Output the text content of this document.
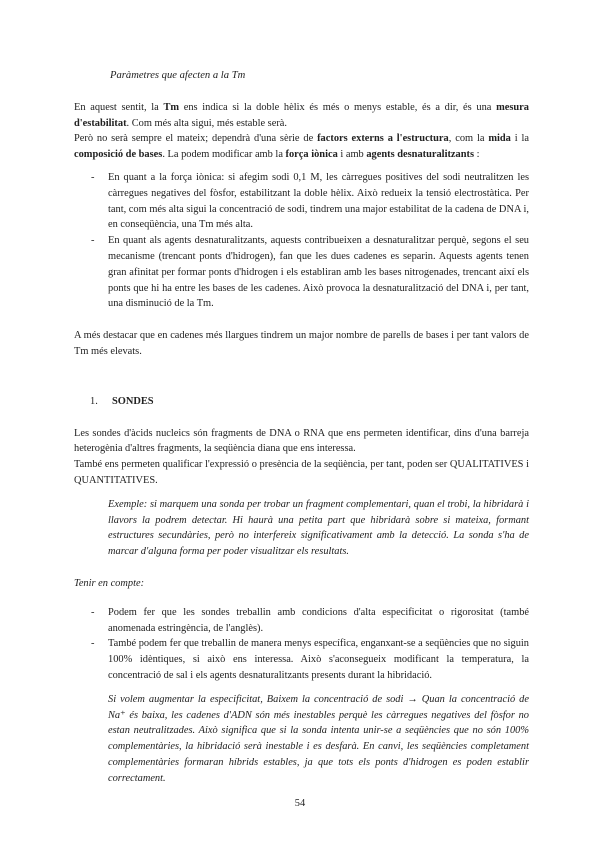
Paràmetres que afecten a la Tm

En aquest sentit, la Tm ens indica si la doble hèlix és més o menys estable, és a dir, és una mesura d'estabilitat. Com més alta sigui, més estable serà.

Però no serà sempre el mateix; dependrà d'una sèrie de factors externs a l'estructura, com la mida i la composició de bases. La podem modificar amb la força iònica i amb agents desnaturalitzants :

- En quant a la força iònica: si afegim sodi 0,1 M, les càrregues positives del sodi neutralitzen les càrregues negatives del fòsfor, estabilitzant la doble hèlix. Això redueix la tensió electrostàtica. Per tant, com més alta sigui la concentració de sodi, tindrem una major estabilitat de la cadena de DNA i, en conseqüència, una Tm més alta.
- En quant als agents desnaturalitzants, aquests contribueixen a desnaturalitzar perquè, segons el seu mecanisme (trencant ponts d'hidrogen), fan que les dues cadenes es separin. Aquests agents tenen gran afinitat per formar ponts d'hidrogen i els establiran amb les bases nitrogenades, trencant així els ponts que hi ha entre les bases de les cadenes. Això provoca la desnaturalització del DNA i, per tant, una disminució de la Tm.

A més destacar que en cadenes més llargues tindrem un major nombre de parells de bases i per tant valors de Tm més elevats.

1.	SONDES

Les sondes d'àcids nucleics són fragments de DNA o RNA que ens permeten identificar, dins d'una barreja heterogènia d'altres fragments, la seqüència diana que ens interessa.

També ens permeten qualificar l'expressió o presència de la seqüència, per tant, poden ser QUALITATIVES i QUANTITATIVES.

Exemple: si marquem una sonda per trobar un fragment complementari, quan el trobi, la hibridarà i llavors la podrem detectar. Hi haurà una petita part que hibridarà sobre si mateixa, formant estructures secundàries, però no interfereix significativament amb la detecció. La sonda s'ha de marcar d'alguna forma per poder visualitzar els resultats.

Tenir en compte:

- Podem fer que les sondes treballin amb condicions d'alta especificitat o rigorositat (també anomenada estringència, de l'anglès).
- També podem fer que treballin de manera menys específica, enganxant-se a seqüències que no siguin 100% idèntiques, si això ens interessa. Això s'aconsegueix modificant la temperatura, la concentració de sal i els agents desnaturalitzants presents durant la hibridació.

Si volem augmentar la especificitat, Baixem la concentració de sodi → Quan la concentració de Na⁺ és baixa, les cadenes d'ADN són més inestables perquè les càrregues negatives del fòsfor no estan neutralitzades. Això significa que si la sonda intenta unir-se a seqüències que no són 100% complementàries, la hibridació serà inestable i es desfarà. En canvi, les seqüències completament complementàries formaran híbrids estables, ja que tots els ponts d'hidrogen es poden establir correctament.

54
